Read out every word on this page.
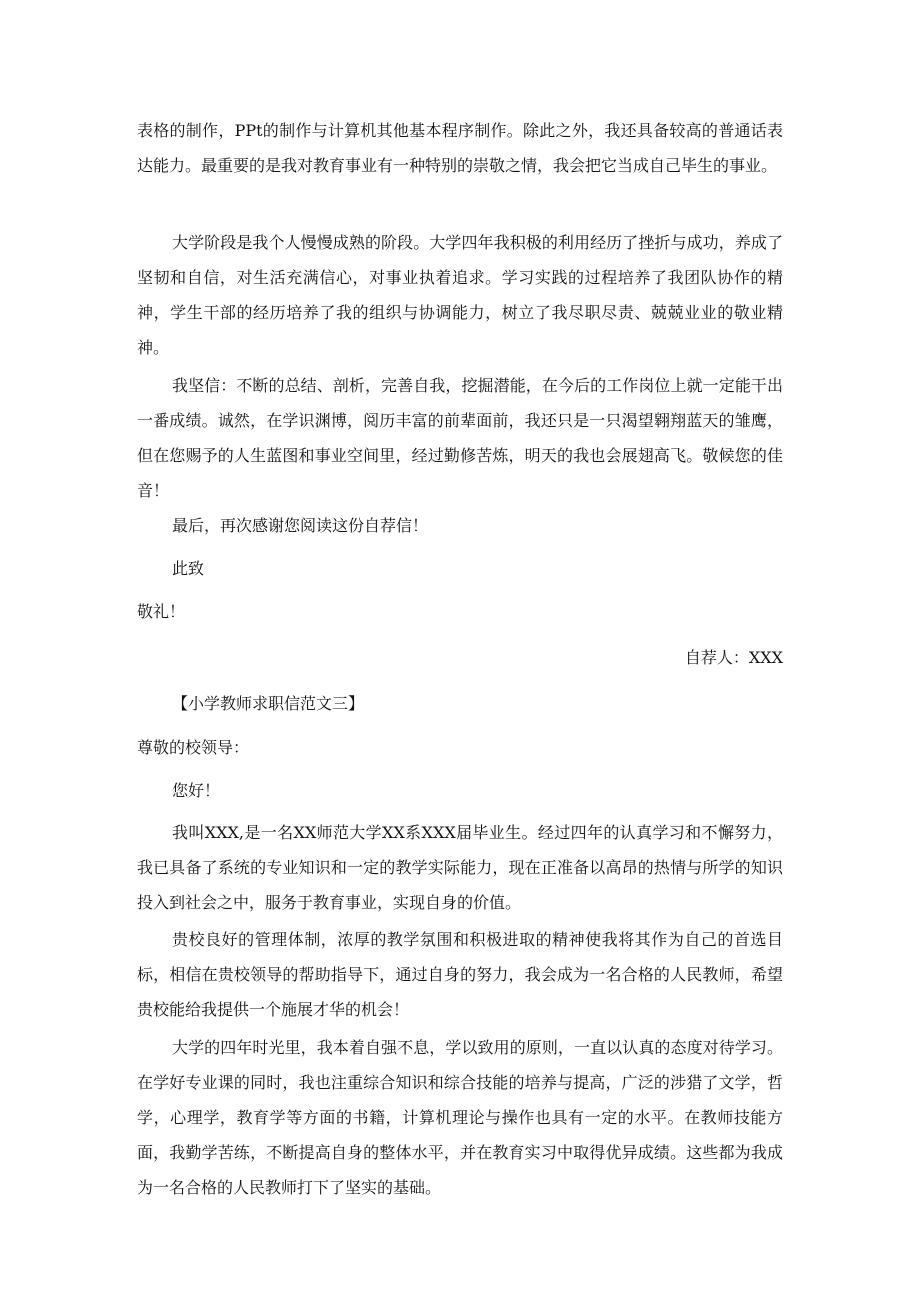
表格的制作，PPt的制作与计算机其他基本程序制作。除此之外，我还具备较高的普通话表达能力。最重要的是我对教育事业有一种特别的崇敬之情，我会把它当成自己毕生的事业。

大学阶段是我个人慢慢成熟的阶段。大学四年我积极的利用经历了挫折与成功，养成了坚韧和自信，对生活充满信心，对事业执着追求。学习实践的过程培养了我团队协作的精神，学生干部的经历培养了我的组织与协调能力，树立了我尽职尽责、兢兢业业的敬业精神。

我坚信：不断的总结、剖析，完善自我，挖掘潜能，在今后的工作岗位上就一定能干出一番成绩。诚然，在学识渊博，阅历丰富的前辈面前，我还只是一只渴望翱翔蓝天的雏鹰，但在您赐予的人生蓝图和事业空间里，经过勤修苦炼，明天的我也会展翅高飞。敬候您的佳音！

最后，再次感谢您阅读这份自荐信！

此致

敬礼！

自荐人：XXX

【小学教师求职信范文三】

尊敬的校领导：

您好！

我叫XXX,是一名XX师范大学XX系XXX届毕业生。经过四年的认真学习和不懈努力，我已具备了系统的专业知识和一定的教学实际能力，现在正准备以高昂的热情与所学的知识投入到社会之中，服务于教育事业，实现自身的价值。

贵校良好的管理体制，浓厚的教学氛围和积极进取的精神使我将其作为自己的首选目标，相信在贵校领导的帮助指导下，通过自身的努力，我会成为一名合格的人民教师，希望贵校能给我提供一个施展才华的机会！

大学的四年时光里，我本着自强不息，学以致用的原则，一直以认真的态度对待学习。在学好专业课的同时，我也注重综合知识和综合技能的培养与提高，广泛的涉猎了文学，哲学，心理学，教育学等方面的书籍，计算机理论与操作也具有一定的水平。在教师技能方面，我勤学苦练，不断提高自身的整体水平，并在教育实习中取得优异成绩。这些都为我成为一名合格的人民教师打下了坚实的基础。
